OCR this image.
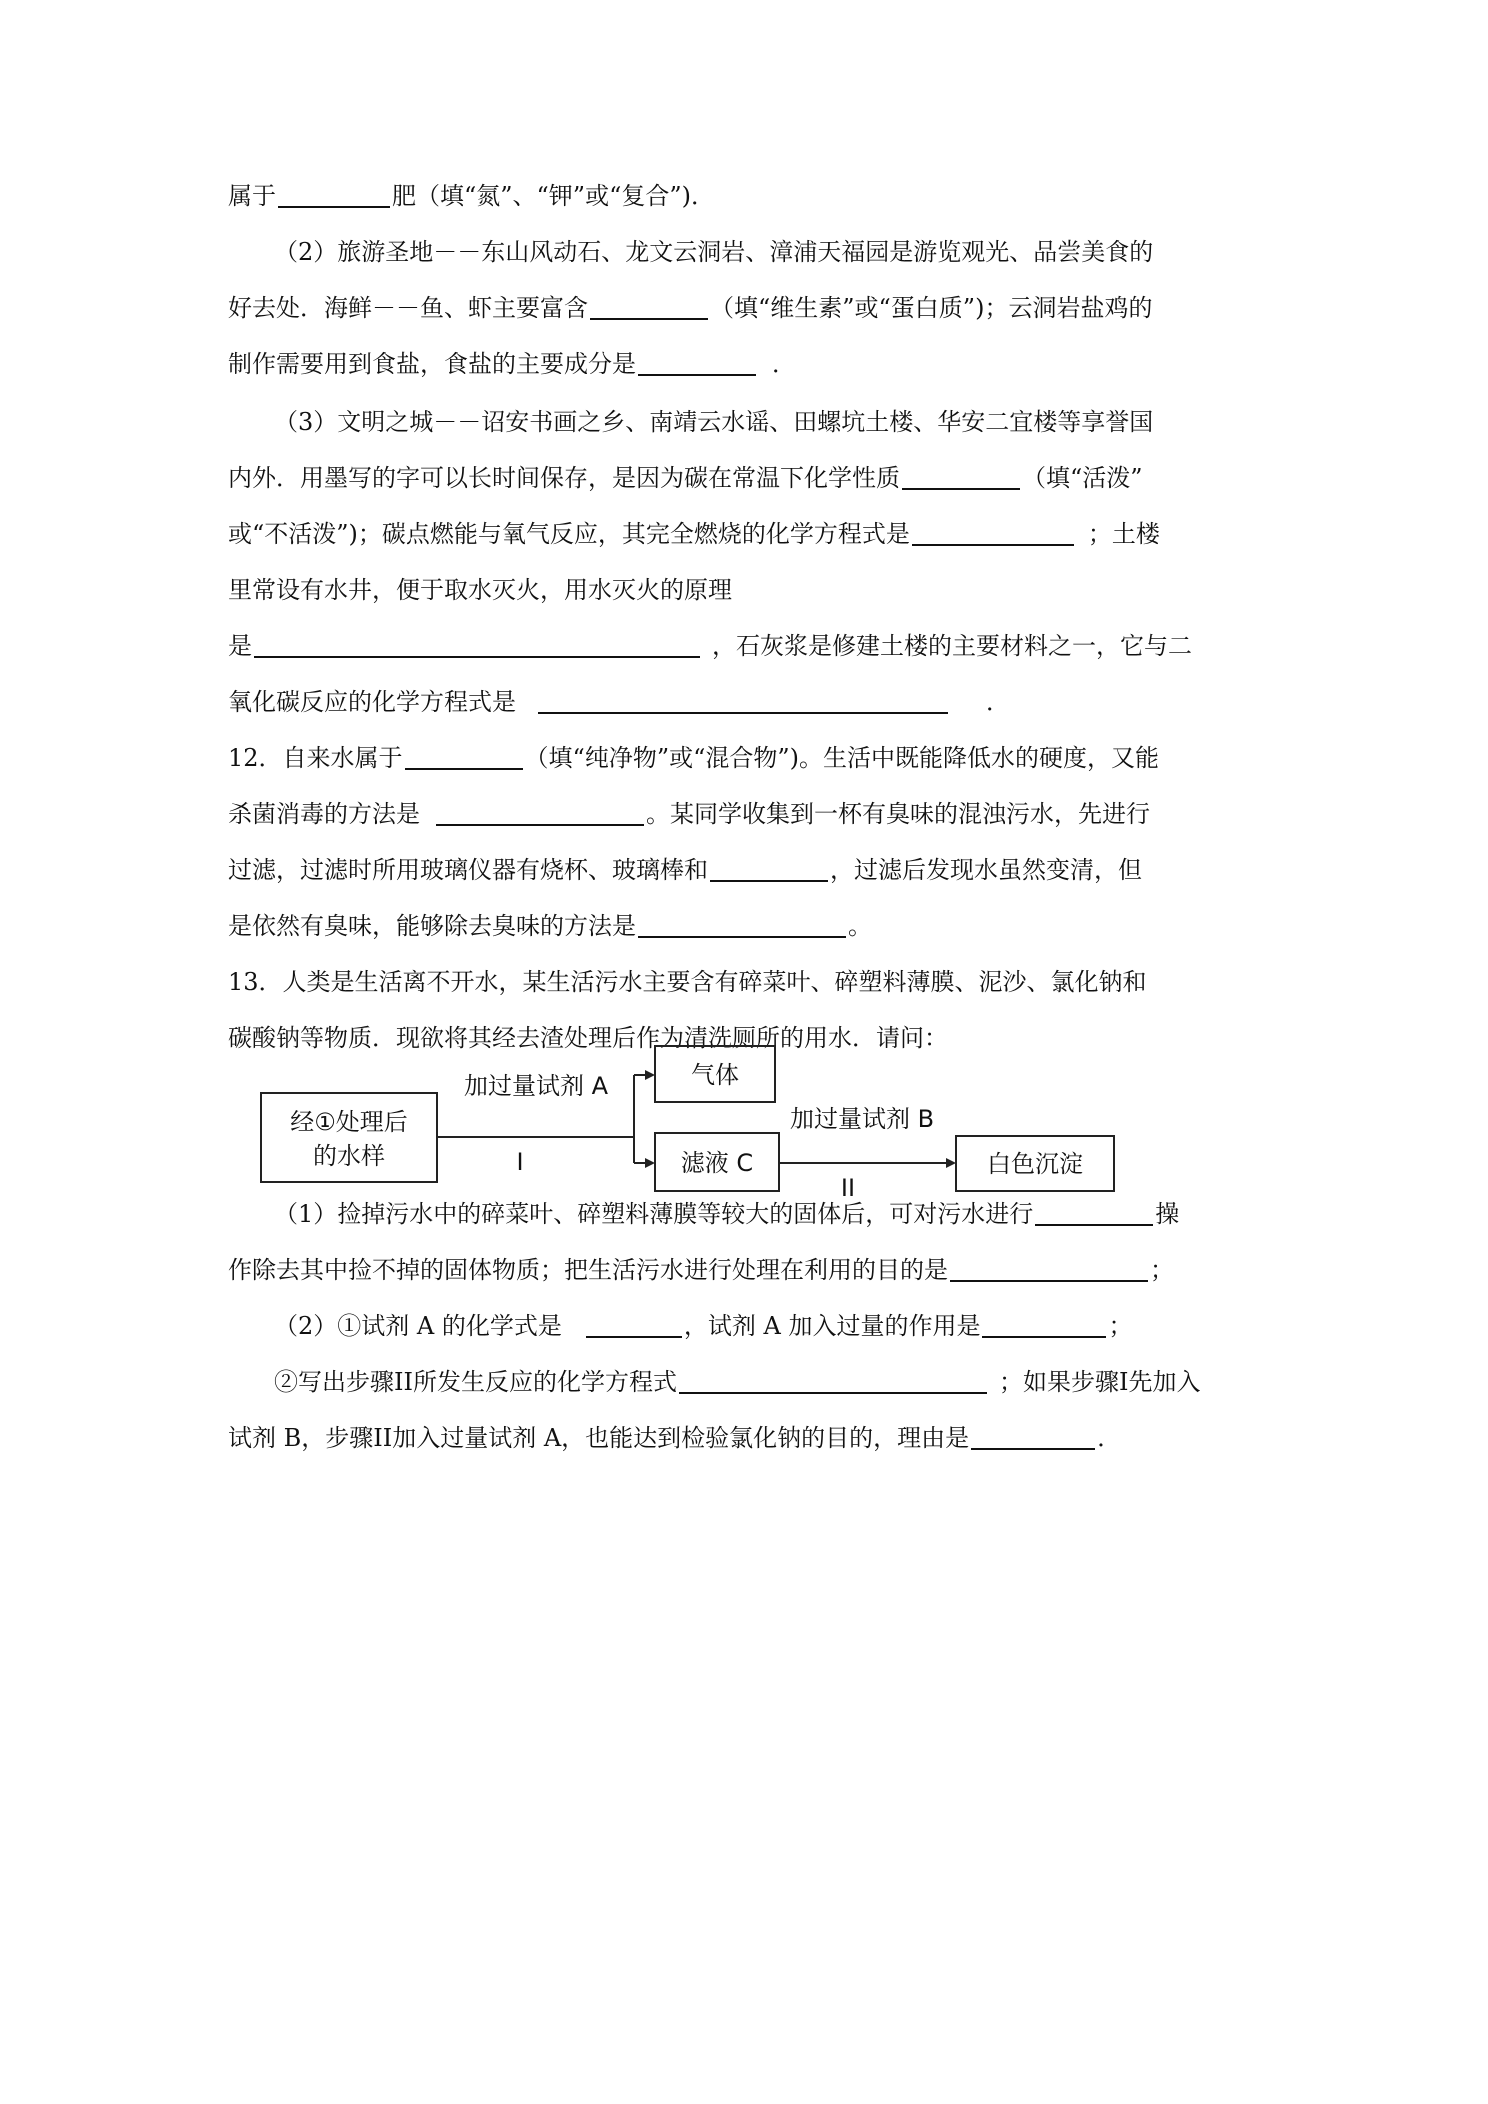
属于	肥（填“氮”、“钾”或“复合”)．
（2）旅游圣地－－东山风动石、龙文云洞岩、漳浦天福园是游览观光、品尝美食的
好去处．海鲜－－鱼、虾主要富含	（填“维生素”或“蛋白质”)；云洞岩盐鸡的
制作需要用到食盐，食盐的主要成分是	．
（3）文明之城－－诏安书画之乡、南靖云水谣、田螺坑土楼、华安二宜楼等享誉国
内外．用墨写的字可以长时间保存，是因为碳在常温下化学性质	（填“活泼”
或“不活泼”)；碳点燃能与氧气反应，其完全燃烧的化学方程式是	；土楼
里常设有水井，便于取水灭火，用水灭火的原理
是	，石灰浆是修建土楼的主要材料之一，它与二
氧化碳反应的化学方程式是	．
12．自来水属于	（填“纯净物”或“混合物”)。生活中既能降低水的硬度，又能
杀菌消毒的方法是	。某同学收集到一杯有臭味的混浊污水，先进行
过滤，过滤时所用玻璃仪器有烧杯、玻璃棒和	，过滤后发现水虽然变清，但
是依然有臭味，能够除去臭味的方法是	。
13．人类是生活离不开水，某生活污水主要含有碎菜叶、碎塑料薄膜、泥沙、氯化钠和
碳酸钠等物质．现欲将其经去渣处理后作为清洗厕所的用水．请问：
经①处理后
的水样
加过量试剂 A
I
气体
滤液 C
加过量试剂 B
II
白色沉淀
（1）捡掉污水中的碎菜叶、碎塑料薄膜等较大的固体后，可对污水进行	操
作除去其中捡不掉的固体物质；把生活污水进行处理在利用的目的是	；
（2）①试剂 A 的化学式是	，试剂 A 加入过量的作用是	；
②写出步骤II所发生反应的化学方程式	；如果步骤I先加入
试剂 B，步骤II加入过量试剂 A，也能达到检验氯化钠的目的，理由是	．
